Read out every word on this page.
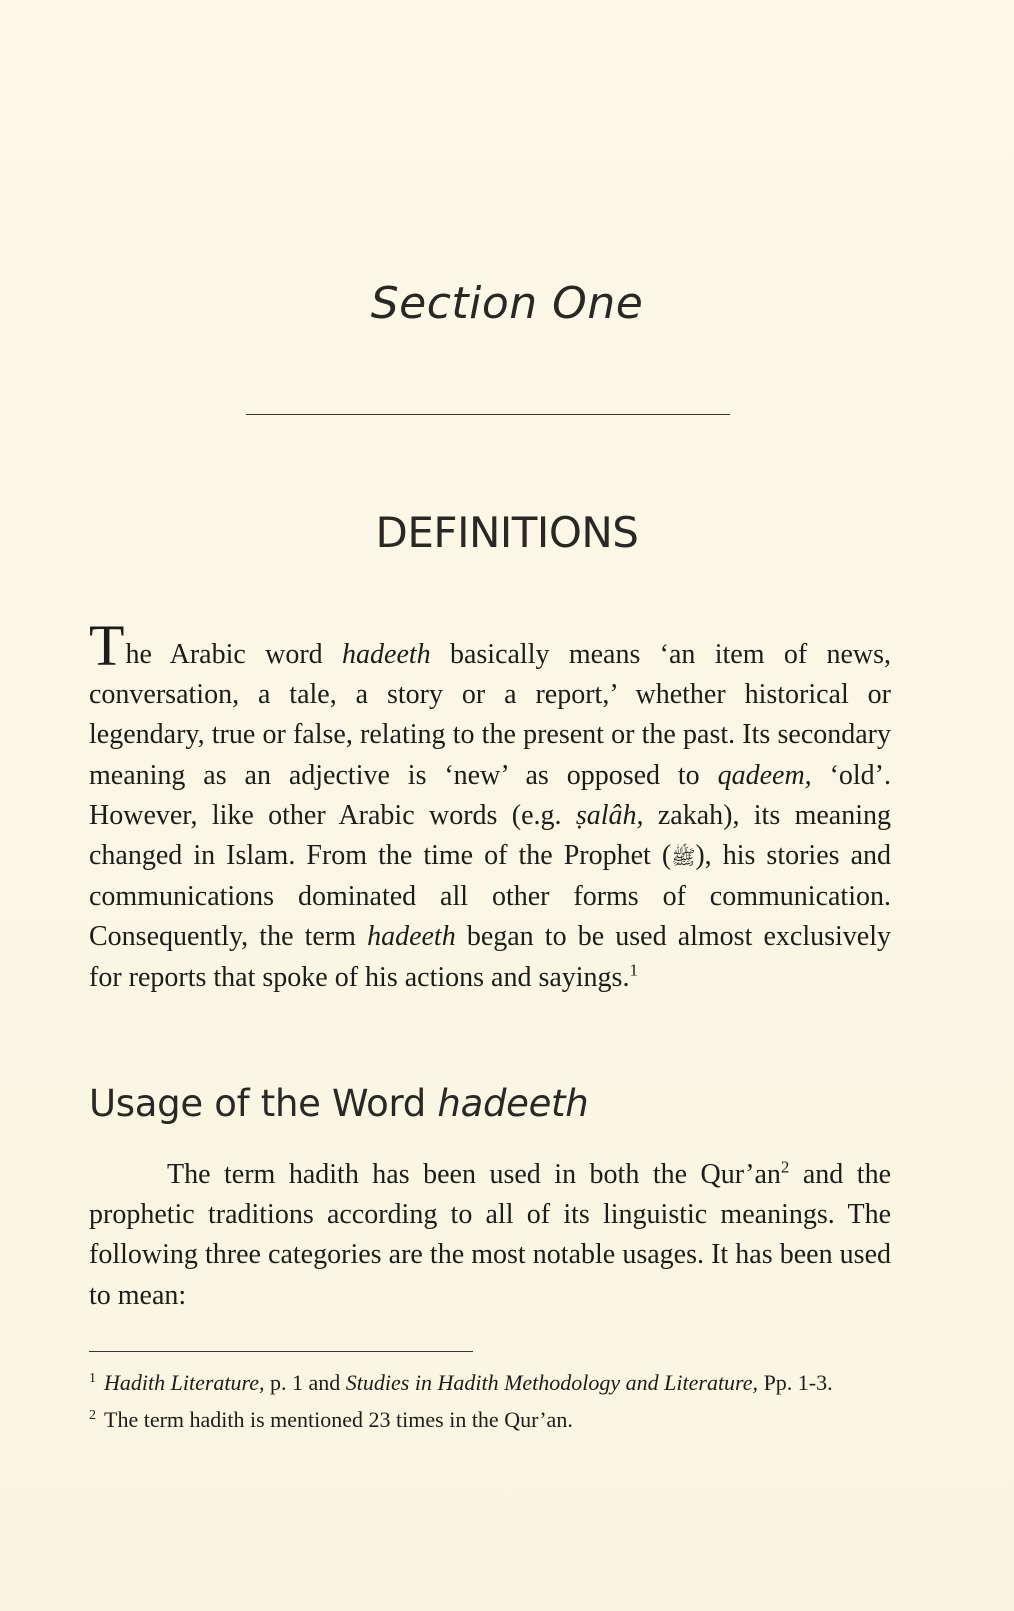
Section One
DEFINITIONS

The Arabic word hadeeth basically means ‘an item of news, conversation, a tale, a story or a report,’ whether historical or legendary, true or false, relating to the present or the past. Its secondary meaning as an adjective is ‘new’ as opposed to qadeem, ‘old’. However, like other Arabic words (e.g. ṣalâh, zakah), its meaning changed in Islam. From the time of the Prophet (ﷺ), his stories and communications dominated all other forms of communication. Consequently, the term hadeeth began to be used almost exclusively for reports that spoke of his actions and sayings.$^1$

Usage of the Word hadeeth

The term hadith has been used in both the $Qur’an^2$ and the prophetic traditions according to all of its linguistic meanings. The following three categories are the most notable usages. It has been used to mean:

$^1$ Hadith Literature, p. 1 and Studies in Hadith Methodology and Literature, Pp. 1-3.
$^2$ The term hadith is mentioned 23 times in the Qur’an.
